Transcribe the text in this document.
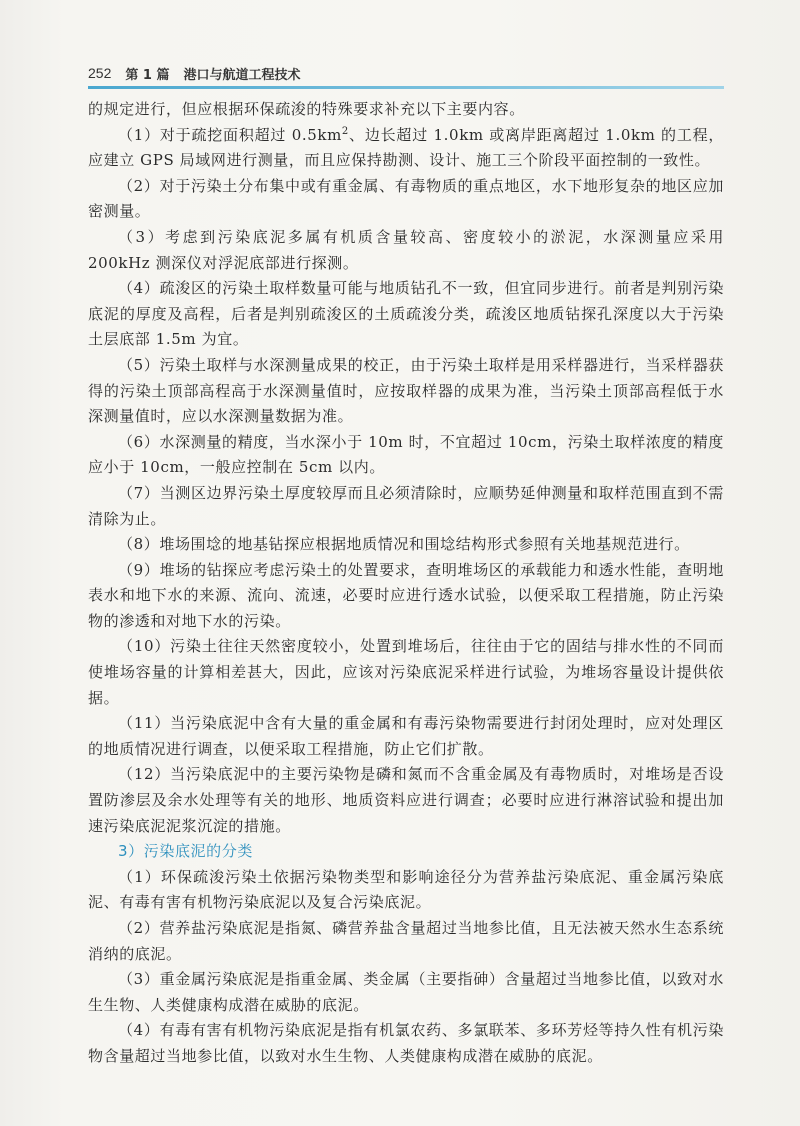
252 第 1 篇 港口与航道工程技术

的规定进行，但应根据环保疏浚的特殊要求补充以下主要内容。

（1）对于疏挖面积超过 $0.5km^2$、边长超过 1.0km 或离岸距离超过 1.0km 的工程，应建立 GPS 局域网进行测量，而且应保持勘测、设计、施工三个阶段平面控制的一致性。

（2）对于污染土分布集中或有重金属、有毒物质的重点地区，水下地形复杂的地区应加密测量。

（3）考虑到污染底泥多属有机质含量较高、密度较小的淤泥，水深测量应采用 200kHz 测深仪对浮泥底部进行探测。

（4）疏浚区的污染土取样数量可能与地质钻孔不一致，但宜同步进行。前者是判别污染底泥的厚度及高程，后者是判别疏浚区的土质疏浚分类，疏浚区地质钻探孔深度以大于污染土层底部 1.5m 为宜。

（5）污染土取样与水深测量成果的校正，由于污染土取样是用采样器进行，当采样器获得的污染土顶部高程高于水深测量值时，应按取样器的成果为准，当污染土顶部高程低于水深测量值时，应以水深测量数据为准。

（6）水深测量的精度，当水深小于 10m 时，不宜超过 10cm，污染土取样浓度的精度应小于 10cm，一般应控制在 5cm 以内。

（7）当测区边界污染土厚度较厚而且必须清除时，应顺势延伸测量和取样范围直到不需清除为止。

（8）堆场围埝的地基钻探应根据地质情况和围埝结构形式参照有关地基规范进行。

（9）堆场的钻探应考虑污染土的处置要求，查明堆场区的承载能力和透水性能，查明地表水和地下水的来源、流向、流速，必要时应进行透水试验，以便采取工程措施，防止污染物的渗透和对地下水的污染。

（10）污染土往往天然密度较小，处置到堆场后，往往由于它的固结与排水性的不同而使堆场容量的计算相差甚大，因此，应该对污染底泥采样进行试验，为堆场容量设计提供依据。

（11）当污染底泥中含有大量的重金属和有毒污染物需要进行封闭处理时，应对处理区的地质情况进行调查，以便采取工程措施，防止它们扩散。

（12）当污染底泥中的主要污染物是磷和氮而不含重金属及有毒物质时，对堆场是否设置防渗层及余水处理等有关的地形、地质资料应进行调查；必要时应进行淋溶试验和提出加速污染底泥泥浆沉淀的措施。

3）污染底泥的分类

（1）环保疏浚污染土依据污染物类型和影响途径分为营养盐污染底泥、重金属污染底泥、有毒有害有机物污染底泥以及复合污染底泥。

（2）营养盐污染底泥是指氮、磷营养盐含量超过当地参比值，且无法被天然水生态系统消纳的底泥。

（3）重金属污染底泥是指重金属、类金属（主要指砷）含量超过当地参比值，以致对水生生物、人类健康构成潜在威胁的底泥。

（4）有毒有害有机物污染底泥是指有机氯农药、多氯联苯、多环芳烃等持久性有机污染物含量超过当地参比值，以致对水生生物、人类健康构成潜在威胁的底泥。
